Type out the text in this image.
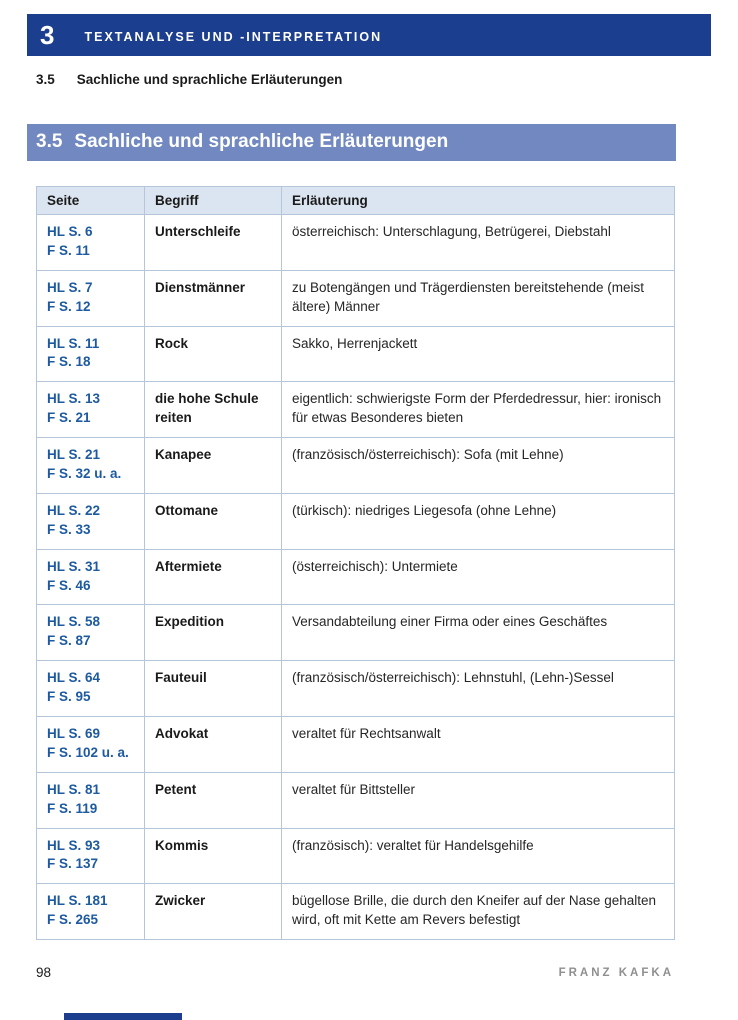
3 TEXTANALYSE UND -INTERPRETATION
3.5 Sachliche und sprachliche Erläuterungen
3.5 Sachliche und sprachliche Erläuterungen
Seite	Begriff	Erläuterung

HL S. 6
F S. 11	Unterschleife	österreichisch: Unterschlagung, Betrügerei, Diebstahl

HL S. 7
F S. 12	Dienstmänner	zu Botengängen und Trägerdiensten bereitstehende (meist ältere) Männer

HL S. 11
F S. 18	Rock	Sakko, Herrenjackett

HL S. 13
F S. 21	die hohe Schule reiten	eigentlich: schwierigste Form der Pferdedressur, hier: ironisch für etwas Besonderes bieten

HL S. 21
F S. 32 u. a.	Kanapee	(französisch/österreichisch): Sofa (mit Lehne)

HL S. 22
F S. 33	Ottomane	(türkisch): niedriges Liegesofa (ohne Lehne)

HL S. 31
F S. 46	Aftermiete	(österreichisch): Untermiete

HL S. 58
F S. 87	Expedition	Versandabteilung einer Firma oder eines Geschäftes

HL S. 64
F S. 95	Fauteuil	(französisch/österreichisch): Lehnstuhl, (Lehn-)Sessel

HL S. 69
F S. 102 u. a.	Advokat	veraltet für Rechtsanwalt

HL S. 81
F S. 119	Petent	veraltet für Bittsteller

HL S. 93
F S. 137	Kommis	(französisch): veraltet für Handelsgehilfe

HL S. 181
F S. 265	Zwicker	bügellose Brille, die durch den Kneifer auf der Nase gehalten wird, oft mit Kette am Revers befestigt
98	FRANZ KAFKA
